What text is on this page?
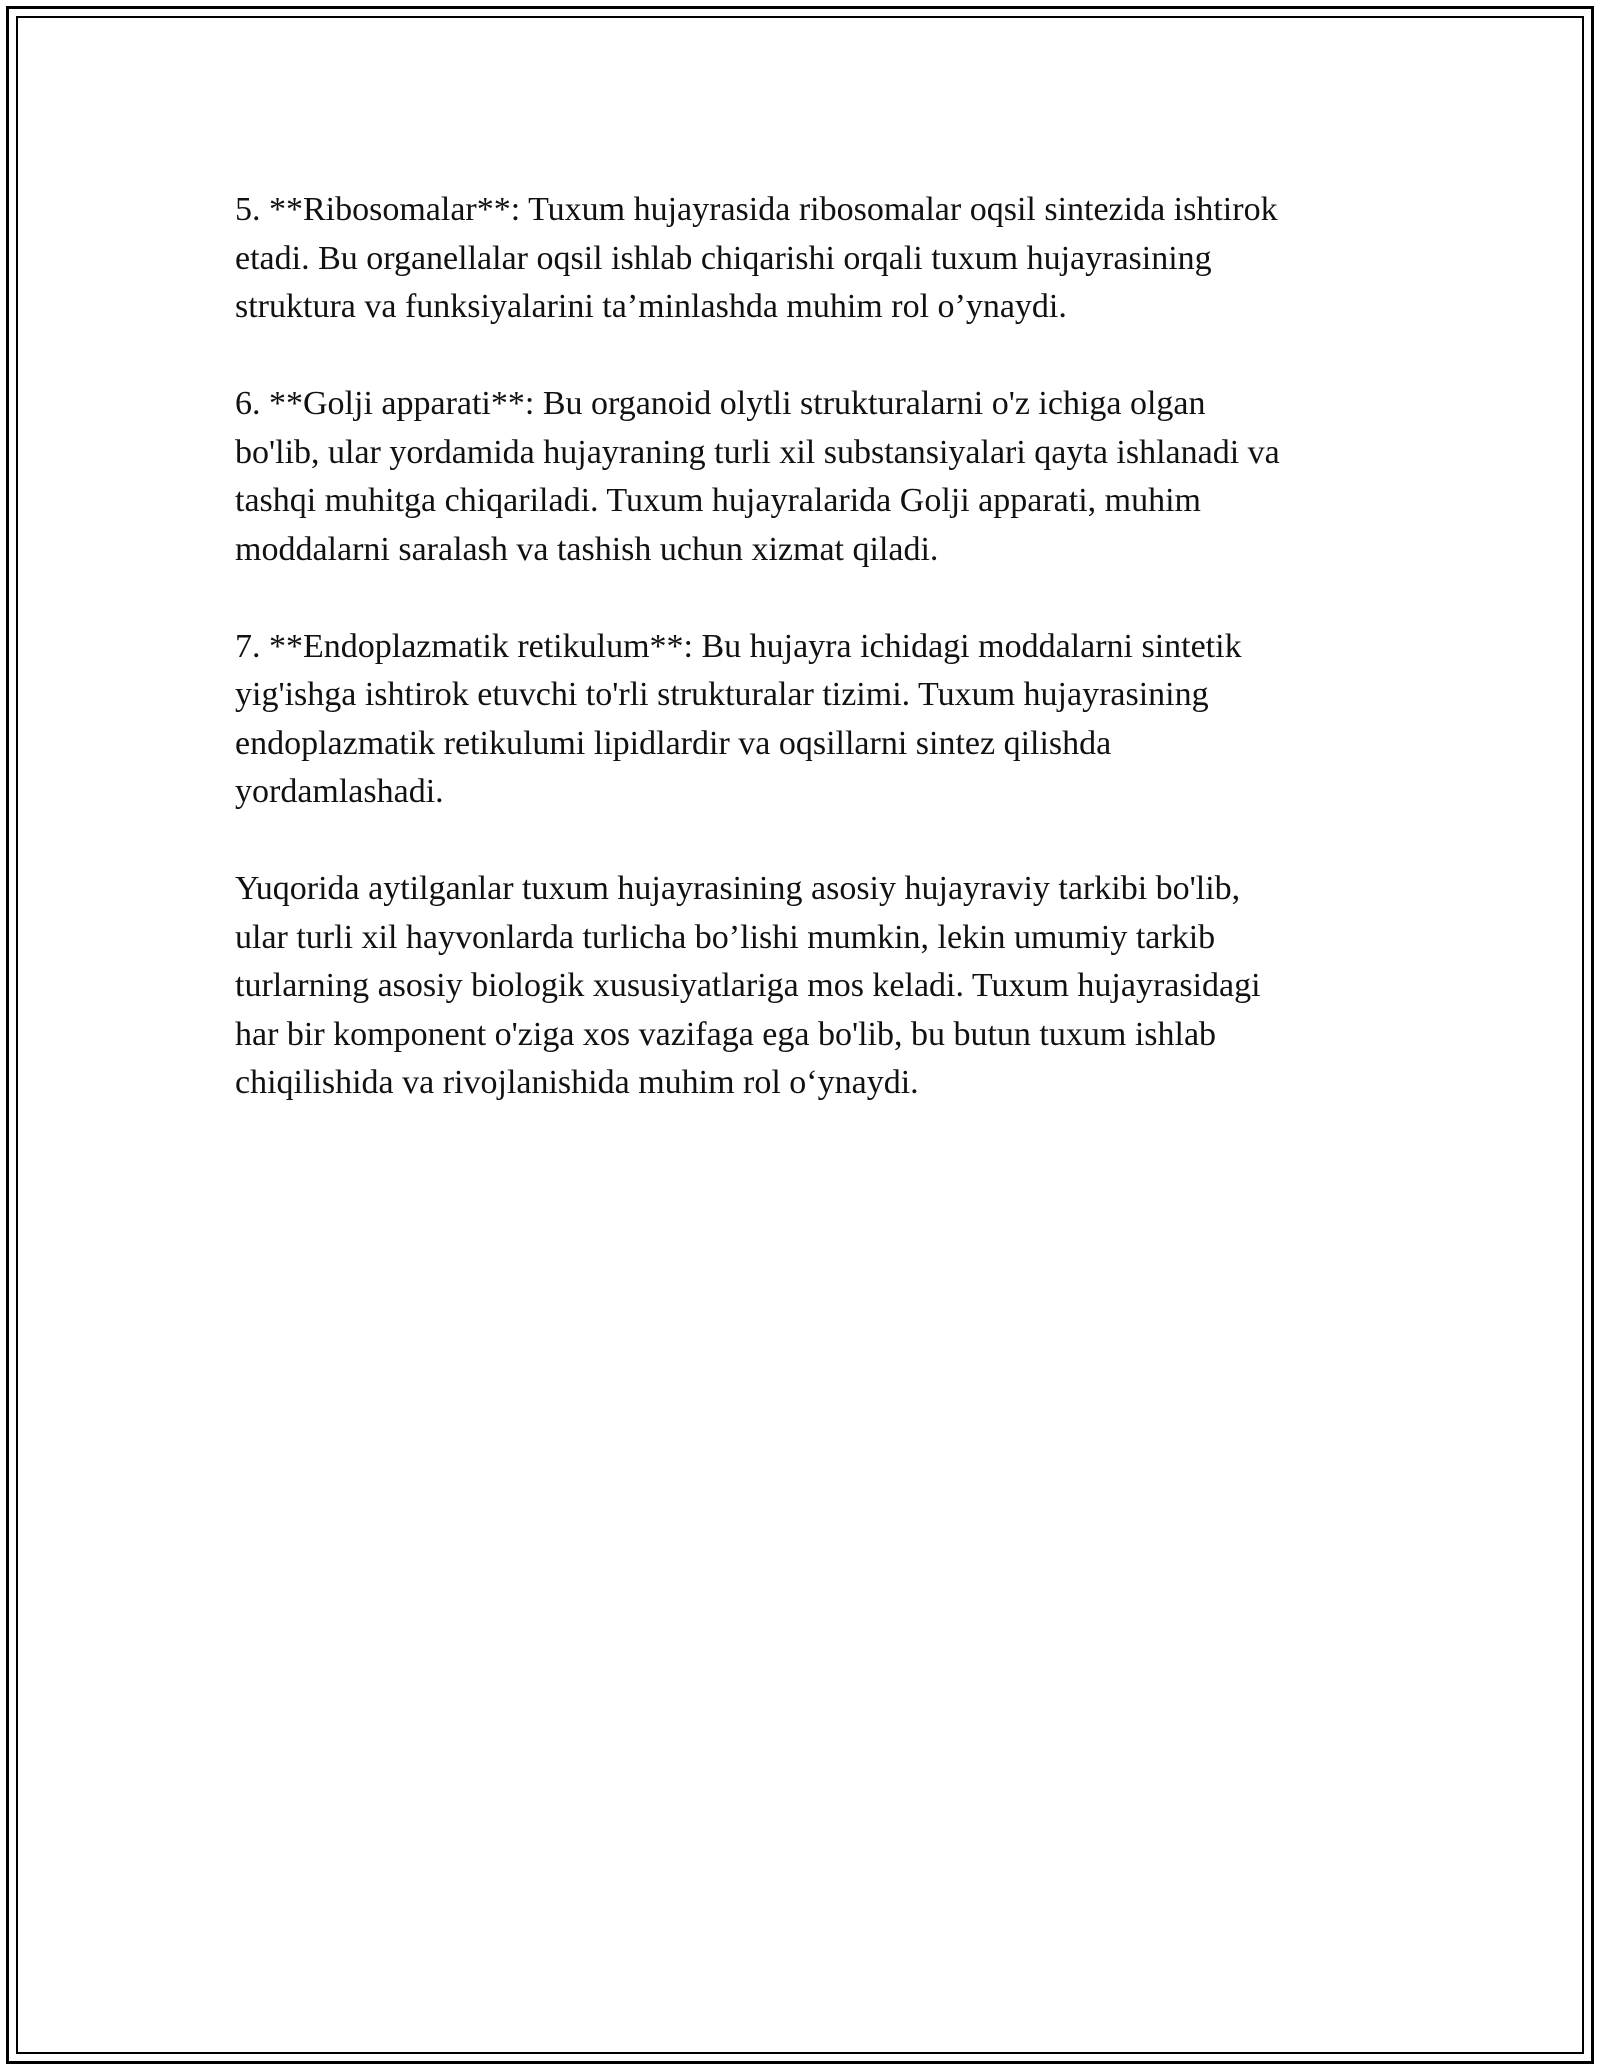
5. **Ribosomalar**: Tuxum hujayrasida ribosomalar oqsil sintezida ishtirok
etadi. Bu organellalar oqsil ishlab chiqarishi orqali tuxum hujayrasining
struktura va funksiyalarini ta’minlashda muhim rol o’ynaydi.

6. **Golji apparati**: Bu organoid olytli strukturalarni o'z ichiga olgan
bo'lib, ular yordamida hujayraning turli xil substansiyalari qayta ishlanadi va
tashqi muhitga chiqariladi. Tuxum hujayralarida Golji apparati, muhim
moddalarni saralash va tashish uchun xizmat qiladi.

7. **Endoplazmatik retikulum**: Bu hujayra ichidagi moddalarni sintetik
yig'ishga ishtirok etuvchi to'rli strukturalar tizimi. Tuxum hujayrasining
endoplazmatik retikulumi lipidlardir va oqsillarni sintez qilishda
yordamlashadi.

Yuqorida aytilganlar tuxum hujayrasining asosiy hujayraviy tarkibi bo'lib,
ular turli xil hayvonlarda turlicha bo’lishi mumkin, lekin umumiy tarkib
turlarning asosiy biologik xususiyatlariga mos keladi. Tuxum hujayrasidagi
har bir komponent o'ziga xos vazifaga ega bo'lib, bu butun tuxum ishlab
chiqilishida va rivojlanishida muhim rol o‘ynaydi.
